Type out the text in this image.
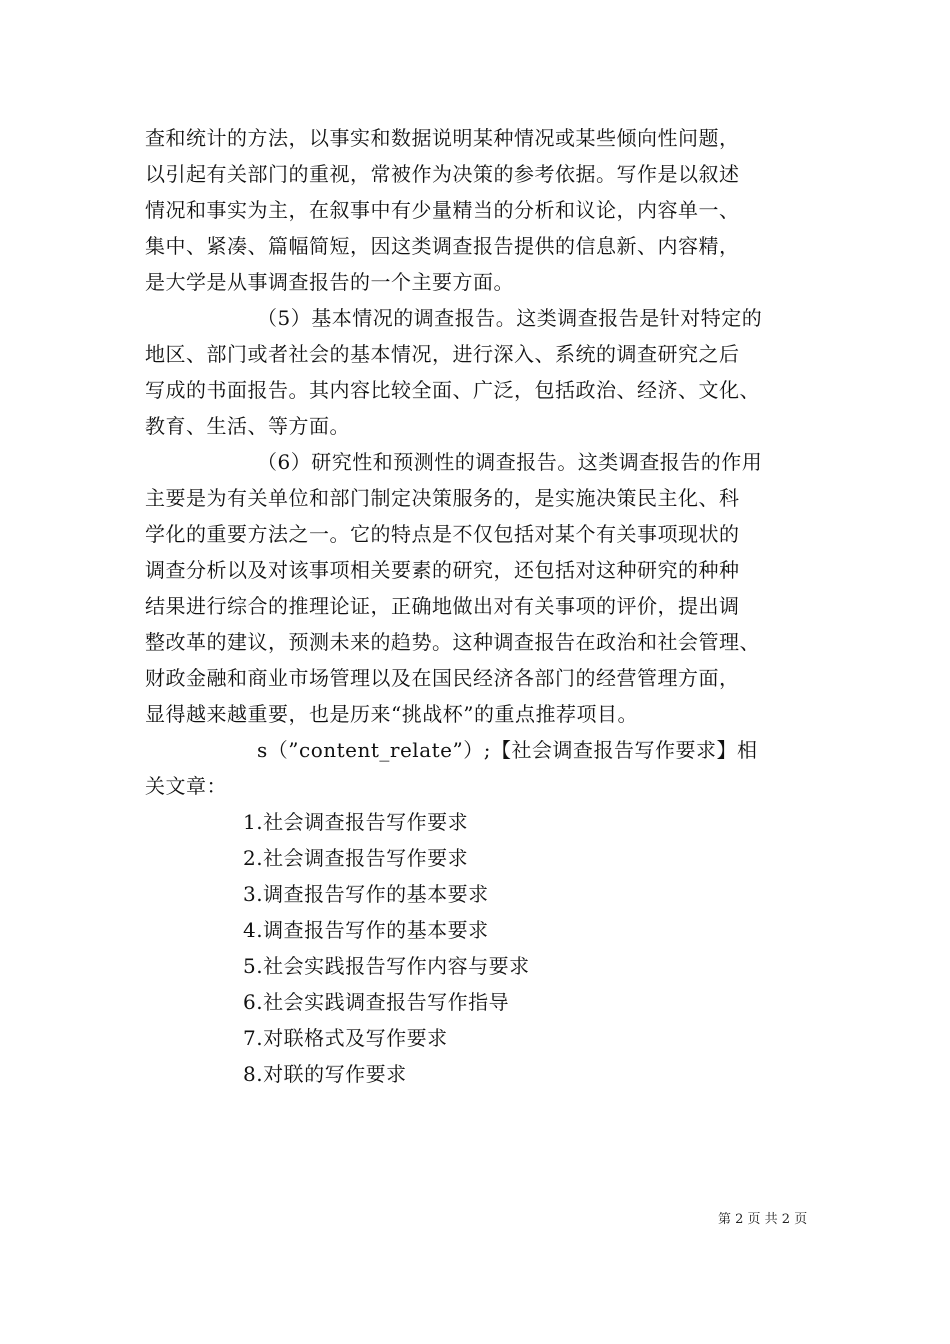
查和统计的方法，以事实和数据说明某种情况或某些倾向性问题，
以引起有关部门的重视，常被作为决策的参考依据。写作是以叙述
情况和事实为主，在叙事中有少量精当的分析和议论，内容单一、
集中、紧凑、篇幅简短，因这类调查报告提供的信息新、内容精，
是大学是从事调查报告的一个主要方面。
（5）基本情况的调查报告。这类调查报告是针对特定的
地区、部门或者社会的基本情况，进行深入、系统的调查研究之后
写成的书面报告。其内容比较全面、广泛，包括政治、经济、文化、
教育、生活、等方面。
（6）研究性和预测性的调查报告。这类调查报告的作用
主要是为有关单位和部门制定决策服务的，是实施决策民主化、科
学化的重要方法之一。它的特点是不仅包括对某个有关事项现状的
调查分析以及对该事项相关要素的研究，还包括对这种研究的种种
结果进行综合的推理论证，正确地做出对有关事项的评价，提出调
整改革的建议，预测未来的趋势。这种调查报告在政治和社会管理、
财政金融和商业市场管理以及在国民经济各部门的经营管理方面，
显得越来越重要，也是历来“挑战杯”的重点推荐项目。
s（”content_relate”）;【社会调查报告写作要求】相
关文章：
1.社会调查报告写作要求
2.社会调查报告写作要求
3.调查报告写作的基本要求
4.调查报告写作的基本要求
5.社会实践报告写作内容与要求
6.社会实践调查报告写作指导
7.对联格式及写作要求
8.对联的写作要求
第 2 页 共 2 页
